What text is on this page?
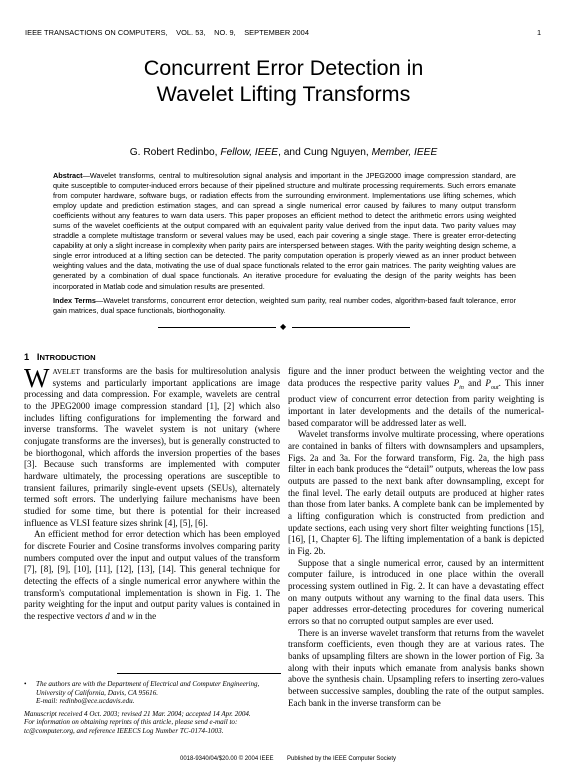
IEEE TRANSACTIONS ON COMPUTERS, VOL. 53, NO. 9, SEPTEMBER 2004	1
Concurrent Error Detection in
Wavelet Lifting Transforms
G. Robert Redinbo, Fellow, IEEE, and Cung Nguyen, Member, IEEE
Abstract—Wavelet transforms, central to multiresolution signal analysis and important in the JPEG2000 image compression standard, are quite susceptible to computer-induced errors because of their pipelined structure and multirate processing requirements. Such errors emanate from computer hardware, software bugs, or radiation effects from the surrounding environment. Implementations use lifting schemes, which employ update and prediction estimation stages, and can spread a single numerical error caused by failures to many output transform coefficients without any features to warn data users. This paper proposes an efficient method to detect the arithmetic errors using weighted sums of the wavelet coefficients at the output compared with an equivalent parity value derived from the input data. Two parity values may straddle a complete multistage transform or several values may be used, each pair covering a single stage. There is greater error-detecting capability at only a slight increase in complexity when parity pairs are interspersed between stages. With the parity weighting design scheme, a single error introduced at a lifting section can be detected. The parity computation operation is properly viewed as an inner product between weighting values and the data, motivating the use of dual space functionals related to the error gain matrices. The parity weighting values are generated by a combination of dual space functionals. An iterative procedure for evaluating the design of the parity weights has been incorporated in Matlab code and simulation results are presented.
Index Terms—Wavelet transforms, concurrent error detection, weighted sum parity, real number codes, algorithm-based fault tolerance, error gain matrices, dual space functionals, biorthogonality.
◆
1 INTRODUCTION

WAVELET transforms are the basis for multiresolution analysis systems and particularly important applications are image processing and data compression. For example, wavelets are central to the JPEG2000 image compression standard [1], [2] which also includes lifting configurations for implementing the forward and inverse transforms. The wavelet system is not unitary (where conjugate transforms are the inverses), but is generally constructed to be biorthogonal, which affords the inversion properties of the bases [3]. Because such transforms are implemented with computer hardware ultimately, the processing operations are susceptible to transient failures, primarily single-event upsets (SEUs), alternately termed soft errors. The underlying failure mechanisms have been studied for some time, but there is potential for their increased influence as VLSI feature sizes shrink [4], [5], [6].

An efficient method for error detection which has been employed for discrete Fourier and Cosine transforms involves comparing parity numbers computed over the input and output values of the transform [7], [8], [9], [10], [11], [12], [13], [14]. This general technique for detecting the effects of a single numerical error anywhere within the transform's computational implementation is shown in Fig. 1. The parity weighting for the input and output parity values is contained in the respective vectors d and w in the

• The authors are with the Department of Electrical and Computer Engineering, University of California, Davis, CA 95616.
E-mail: redinbo@ece.ucdavis.edu.
Manuscript received 4 Oct. 2003; revised 21 Mar. 2004; accepted 14 Apr. 2004.
For information on obtaining reprints of this article, please send e-mail to: tc@computer.org, and reference IEEECS Log Number TC-0174-1003.

figure and the inner product between the weighting vector and the data produces the respective parity values $P_{in}$ and $P_{out}$. This inner product view of concurrent error detection from parity weighting is important in later developments and the details of the numerical-based comparator will be addressed later as well.

Wavelet transforms involve multirate processing, where operations are contained in banks of filters with downsamplers and upsamplers, Figs. 2a and 3a. For the forward transform, Fig. 2a, the high pass filter in each bank produces the “detail” outputs, whereas the low pass outputs are passed to the next bank after downsampling, except for the final level. The early detail outputs are produced at higher rates than those from later banks. A complete bank can be implemented by a lifting configuration which is constructed from prediction and update sections, each using very short filter weighting functions [15], [16], [1, Chapter 6]. The lifting implementation of a bank is depicted in Fig. 2b.

Suppose that a single numerical error, caused by an intermittent computer failure, is introduced in one place within the overall processing system outlined in Fig. 2. It can have a devastating effect on many outputs without any warning to the final data users. This paper addresses error-detecting procedures for covering numerical errors so that no corrupted output samples are ever used.

There is an inverse wavelet transform that returns from the wavelet transform coefficients, even though they are at various rates. The banks of upsampling filters are shown in the lower portion of Fig. 3a along with their inputs which emanate from analysis banks shown above the synthesis chain. Upsampling refers to inserting zero-values between successive samples, doubling the rate of the output samples. Each bank in the inverse transform can be

0018-9340/04/$20.00 © 2004 IEEE Published by the IEEE Computer Society
